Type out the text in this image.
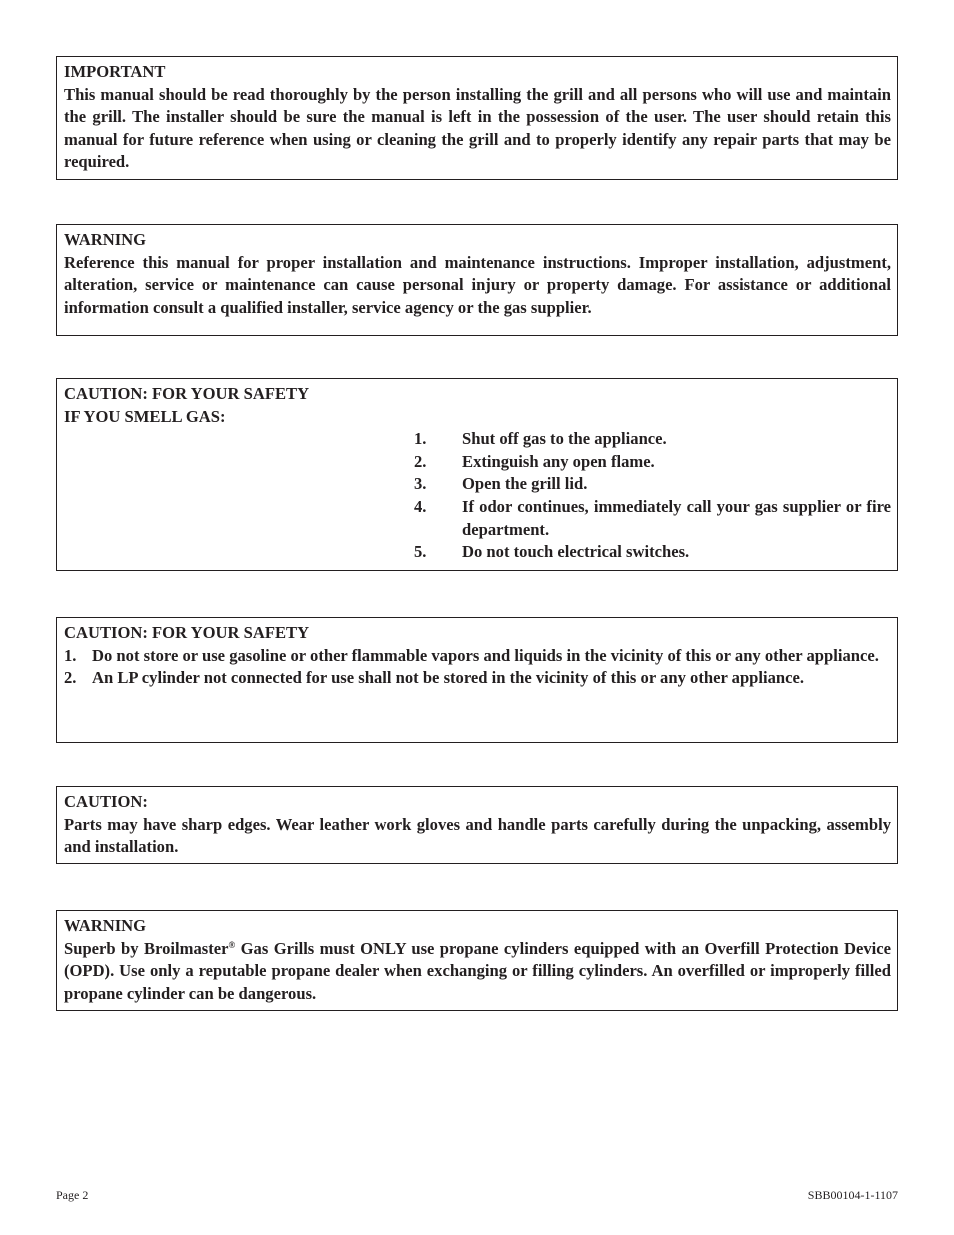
IMPORTANT

This manual should be read thoroughly by the person installing the grill and all persons who will use and maintain the grill. The installer should be sure the manual is left in the possession of the user. The user should retain this manual for future reference when using or cleaning the grill and to properly identify any repair parts that may be required.

WARNING

Reference this manual for proper installation and maintenance instructions. Improper installation, adjustment, alteration, service or maintenance can cause personal injury or property damage. For assistance or additional information consult a qualified installer, service agency or the gas supplier.

CAUTION: FOR YOUR SAFETY
IF YOU SMELL GAS:
1.	Shut off gas to the appliance.
2.	Extinguish any open flame.
3.	Open the grill lid.
4.	If odor continues, immediately call your gas supplier or fire department.
5.	Do not touch electrical switches.
CAUTION: FOR YOUR SAFETY
1. Do not store or use gasoline or other flammable vapors and liquids in the vicinity of this or any other appliance.
2. An LP cylinder not connected for use shall not be stored in the vicinity of this or any other appliance.
CAUTION:

Parts may have sharp edges. Wear leather work gloves and handle parts carefully during the unpacking, assembly and installation.

WARNING

Superb by Broilmaster® Gas Grills must ONLY use propane cylinders equipped with an Overfill Protection Device (OPD). Use only a reputable propane dealer when exchanging or filling cylinders. An overfilled or improperly filled propane cylinder can be dangerous.

Page 2	SBB00104-1-1107
